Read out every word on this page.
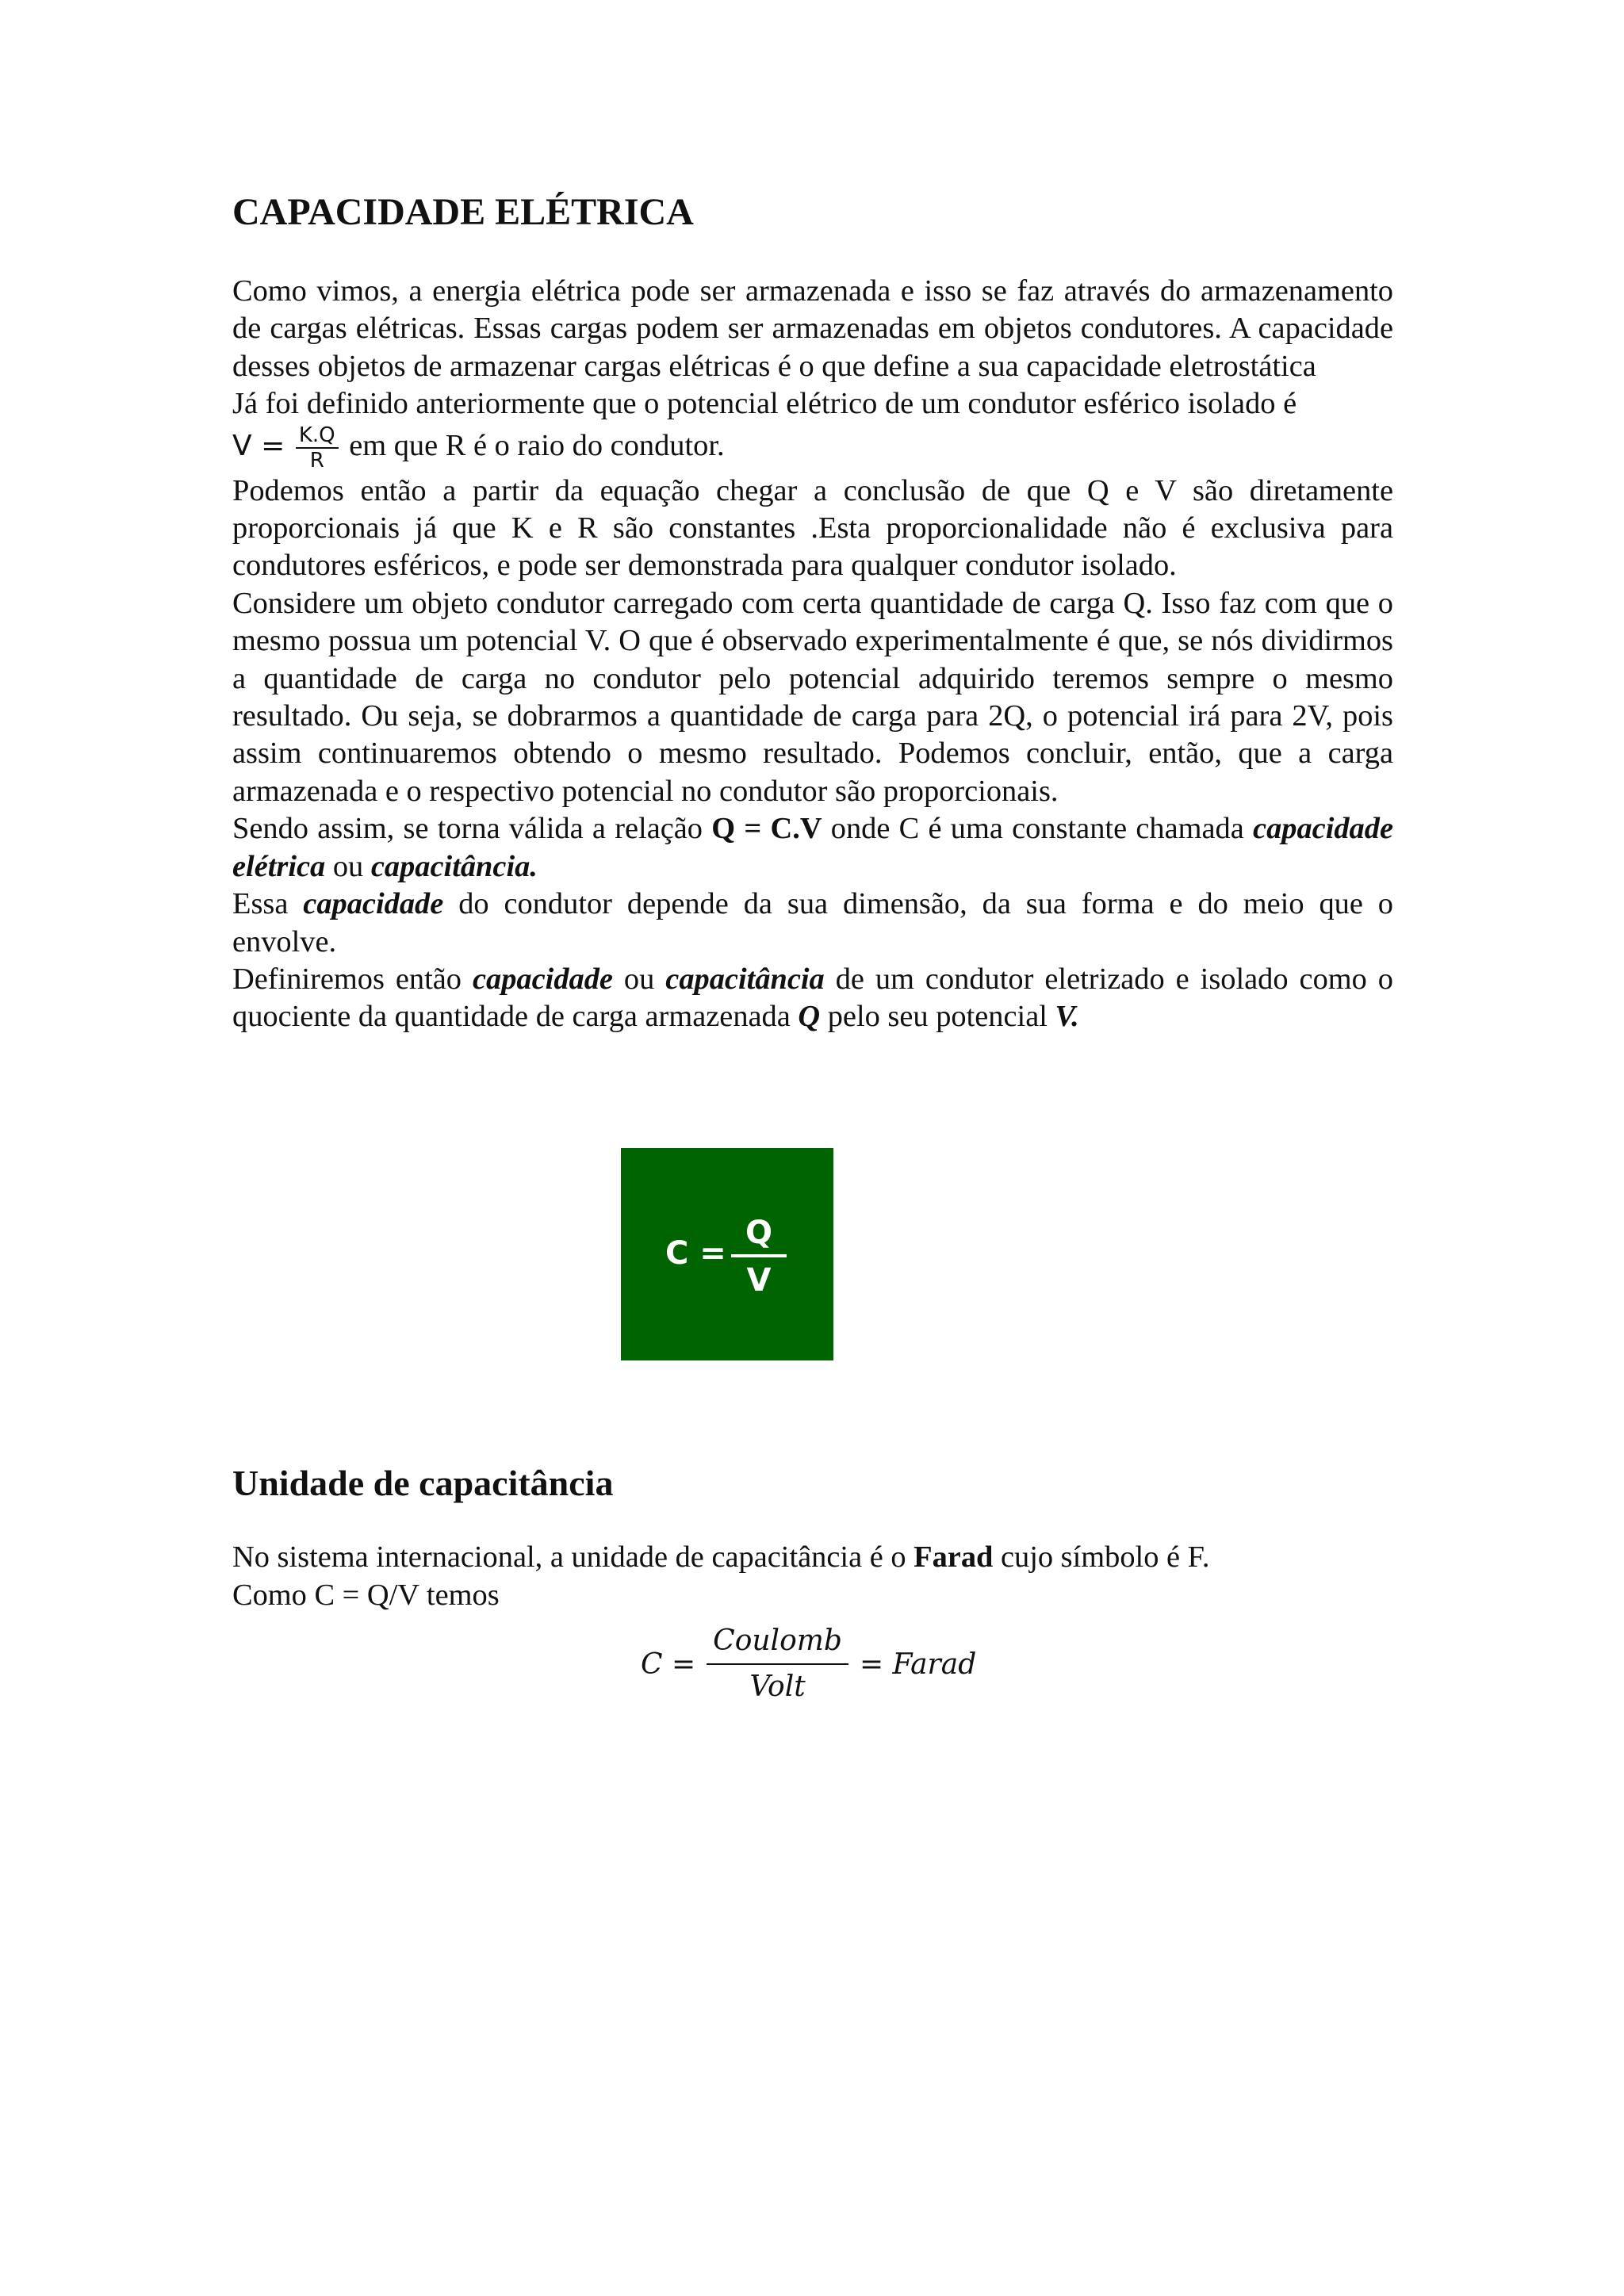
CAPACIDADE ELÉTRICA

Como vimos, a energia elétrica pode ser armazenada e isso se faz através do armazenamento de cargas elétricas. Essas cargas podem ser armazenadas em objetos condutores. A capacidade desses objetos de armazenar cargas elétricas é o que define a sua capacidade eletrostática

Já foi definido anteriormente que o potencial elétrico de um condutor esférico isolado é

$V = \frac{K.Q}{R}$ em que R é o raio do condutor.

Podemos então a partir da equação chegar a conclusão de que Q e V são diretamente proporcionais já que K e R são constantes .Esta proporcionalidade não é exclusiva para condutores esféricos, e pode ser demonstrada para qualquer condutor isolado.

Considere um objeto condutor carregado com certa quantidade de carga Q. Isso faz com que o mesmo possua um potencial V. O que é observado experimentalmente é que, se nós dividirmos a quantidade de carga no condutor pelo potencial adquirido teremos sempre o mesmo resultado. Ou seja, se dobrarmos a quantidade de carga para 2Q, o potencial irá para 2V, pois assim continuaremos obtendo o mesmo resultado. Podemos concluir, então, que a carga armazenada e o respectivo potencial no condutor são proporcionais.

Sendo assim, se torna válida a relação Q = C.V onde C é uma constante chamada capacidade elétrica ou capacitância.

Essa capacidade do condutor depende da sua dimensão, da sua forma e do meio que o envolve.

Definiremos então capacidade ou capacitância de um condutor eletrizado e isolado como o quociente da quantidade de carga armazenada Q pelo seu potencial V.

C =
Q
V
Unidade de capacitância
No sistema internacional, a unidade de capacitância é o Farad cujo símbolo é F.
Como C = Q/V temos
$C = \frac{\text{Coulomb}}{\text{Volt}}$ = Farad
